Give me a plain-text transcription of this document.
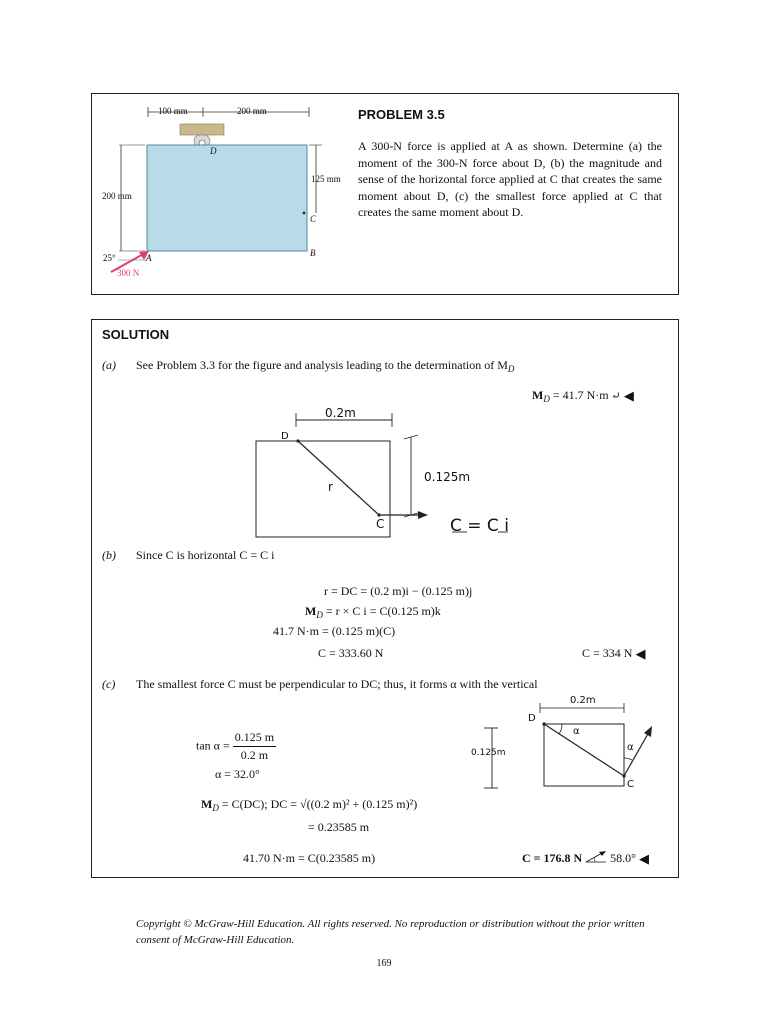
100 mm	200 mm
D
125 mm
C
200 mm
B
A
25°
300 N
PROBLEM 3.5
A 300-N force is applied at A as shown. Determine (a) the moment of the 300-N force about D, (b) the magnitude and sense of the horizontal force applied at C that creates the same moment about D, (c) the smallest force applied at C that creates the same moment about D.
SOLUTION
(a) See Problem 3.3 for the figure and analysis leading to the determination of $M_D$
$M_D = 41.7$ N·m ⤾ ◀
0.2m
D
0.125m
r
C	C = C i
(b) Since C is horizontal C = C i
r = DC = (0.2 m)i − (0.125 m)j
$M_D = r \times C$ i = C(0.125 m)k
41.7 N·m = (0.125 m)(C)
C = 333.60 N	C = 334 N ◀
(c) The smallest force C must be perpendicular to DC; thus, it forms α with the vertical
$\tan \alpha = \frac{0.125 m}{0.2 m}$
α = 32.0°
$M_D = C(DC)$; DC = √((0.2 m)² + (0.125 m)²)
= 0.23585 m
41.70 N·m = C(0.23585 m)	C = 176.8 N 58.0° ◀
0.2m
D
0.125m
α
α
C
Copyright © McGraw-Hill Education. All rights reserved. No reproduction or distribution without the prior written consent of McGraw-Hill Education.
169
